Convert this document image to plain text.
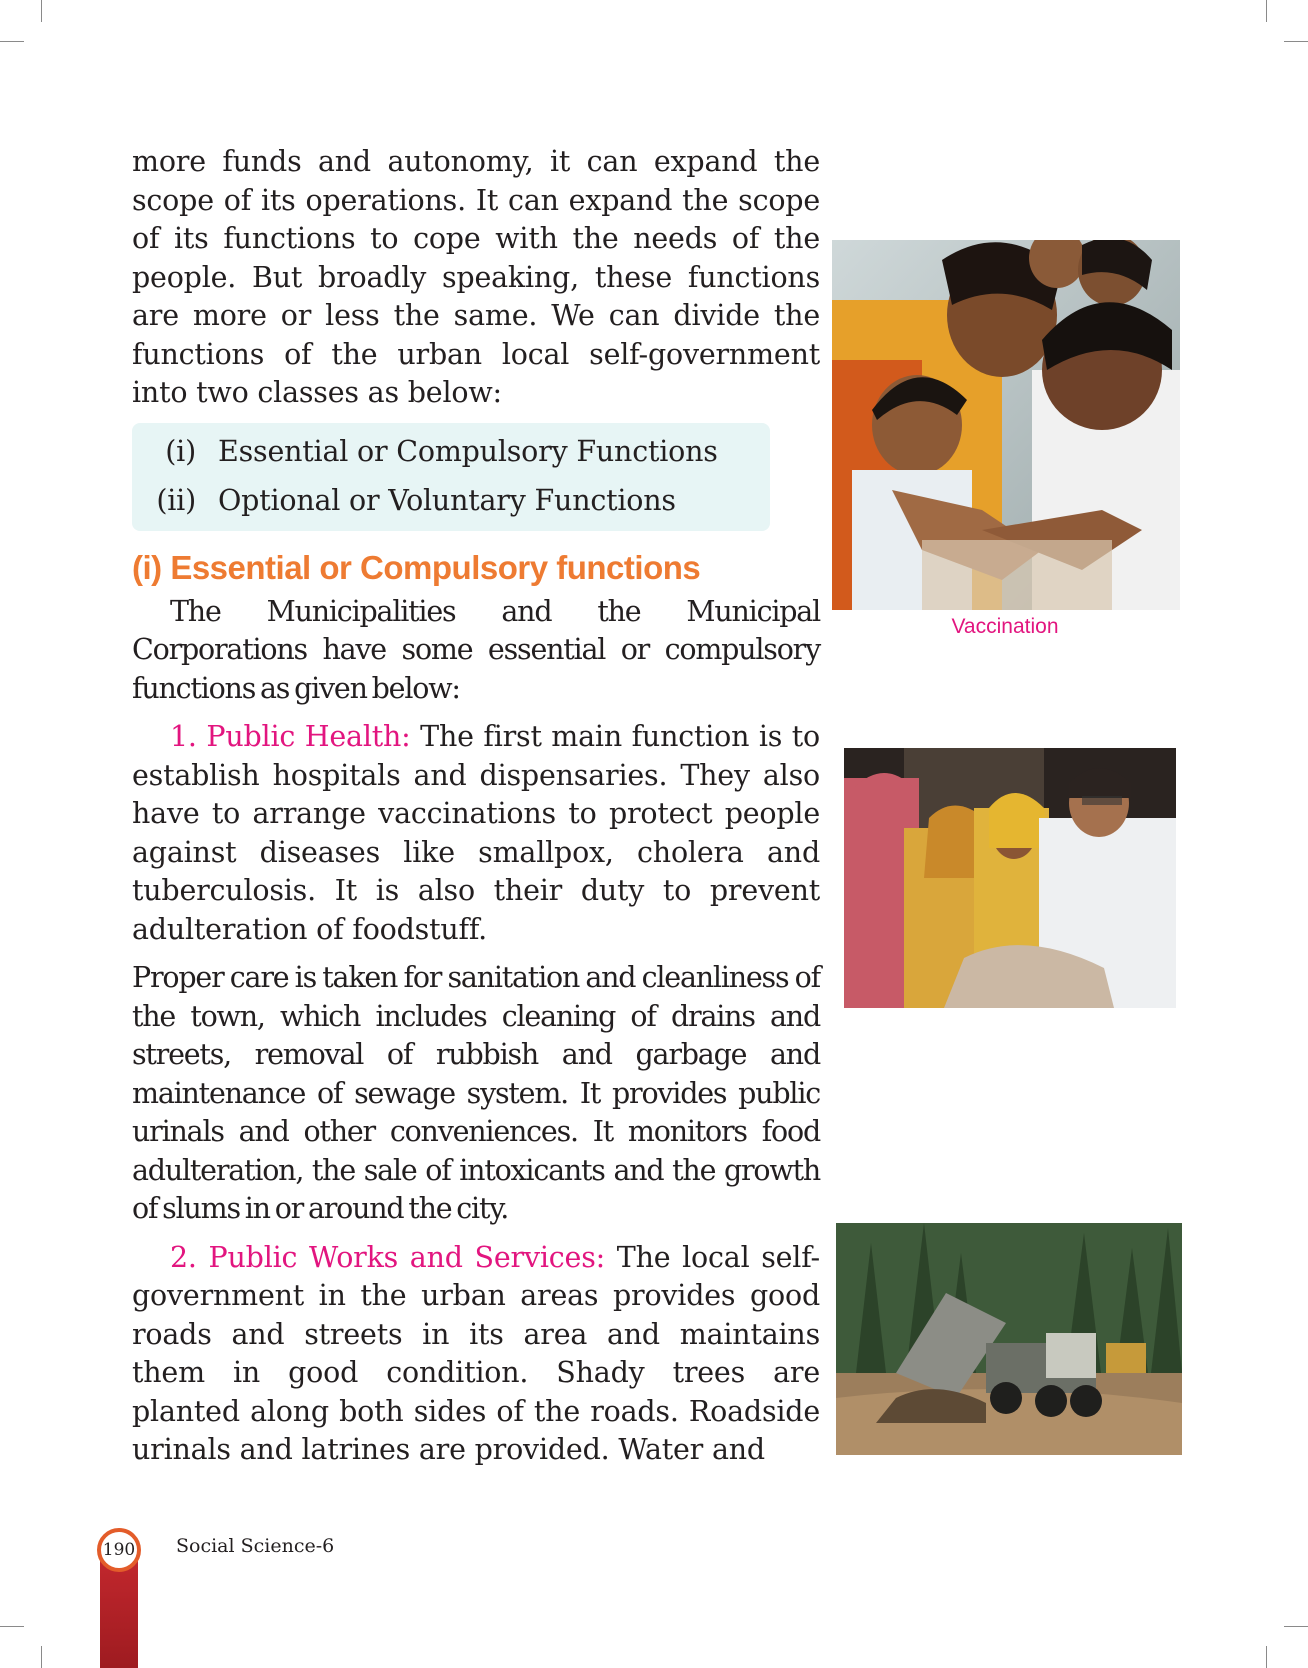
more funds and autonomy, it can expand the scope of its operations. It can expand the scope of its functions to cope with the needs of the people. But broadly speaking, these functions are more or less the same. We can divide the functions of the urban local self-government into two classes as below:

(i) Essential or Compulsory Functions
(ii) Optional or Voluntary Functions
(i) Essential or Compulsory functions

The Municipalities and the Municipal Corporations have some essential or compulsory functions as given below:

1. Public Health: The first main function is to establish hospitals and dispensaries. They also have to arrange vaccinations to protect people against diseases like smallpox, cholera and tuberculosis. It is also their duty to prevent adulteration of foodstuff.

Proper care is taken for sanitation and cleanliness of the town, which includes cleaning of drains and streets, removal of rubbish and garbage and maintenance of sewage system. It provides public urinals and other conveniences. It monitors food adulteration, the sale of intoxicants and the growth of slums in or around the city.

2. Public Works and Services: The local self-government in the urban areas provides good roads and streets in its area and maintains them in good condition. Shady trees are planted along both sides of the roads. Roadside urinals and latrines are provided. Water and

Vaccination
190	Social Science-6
